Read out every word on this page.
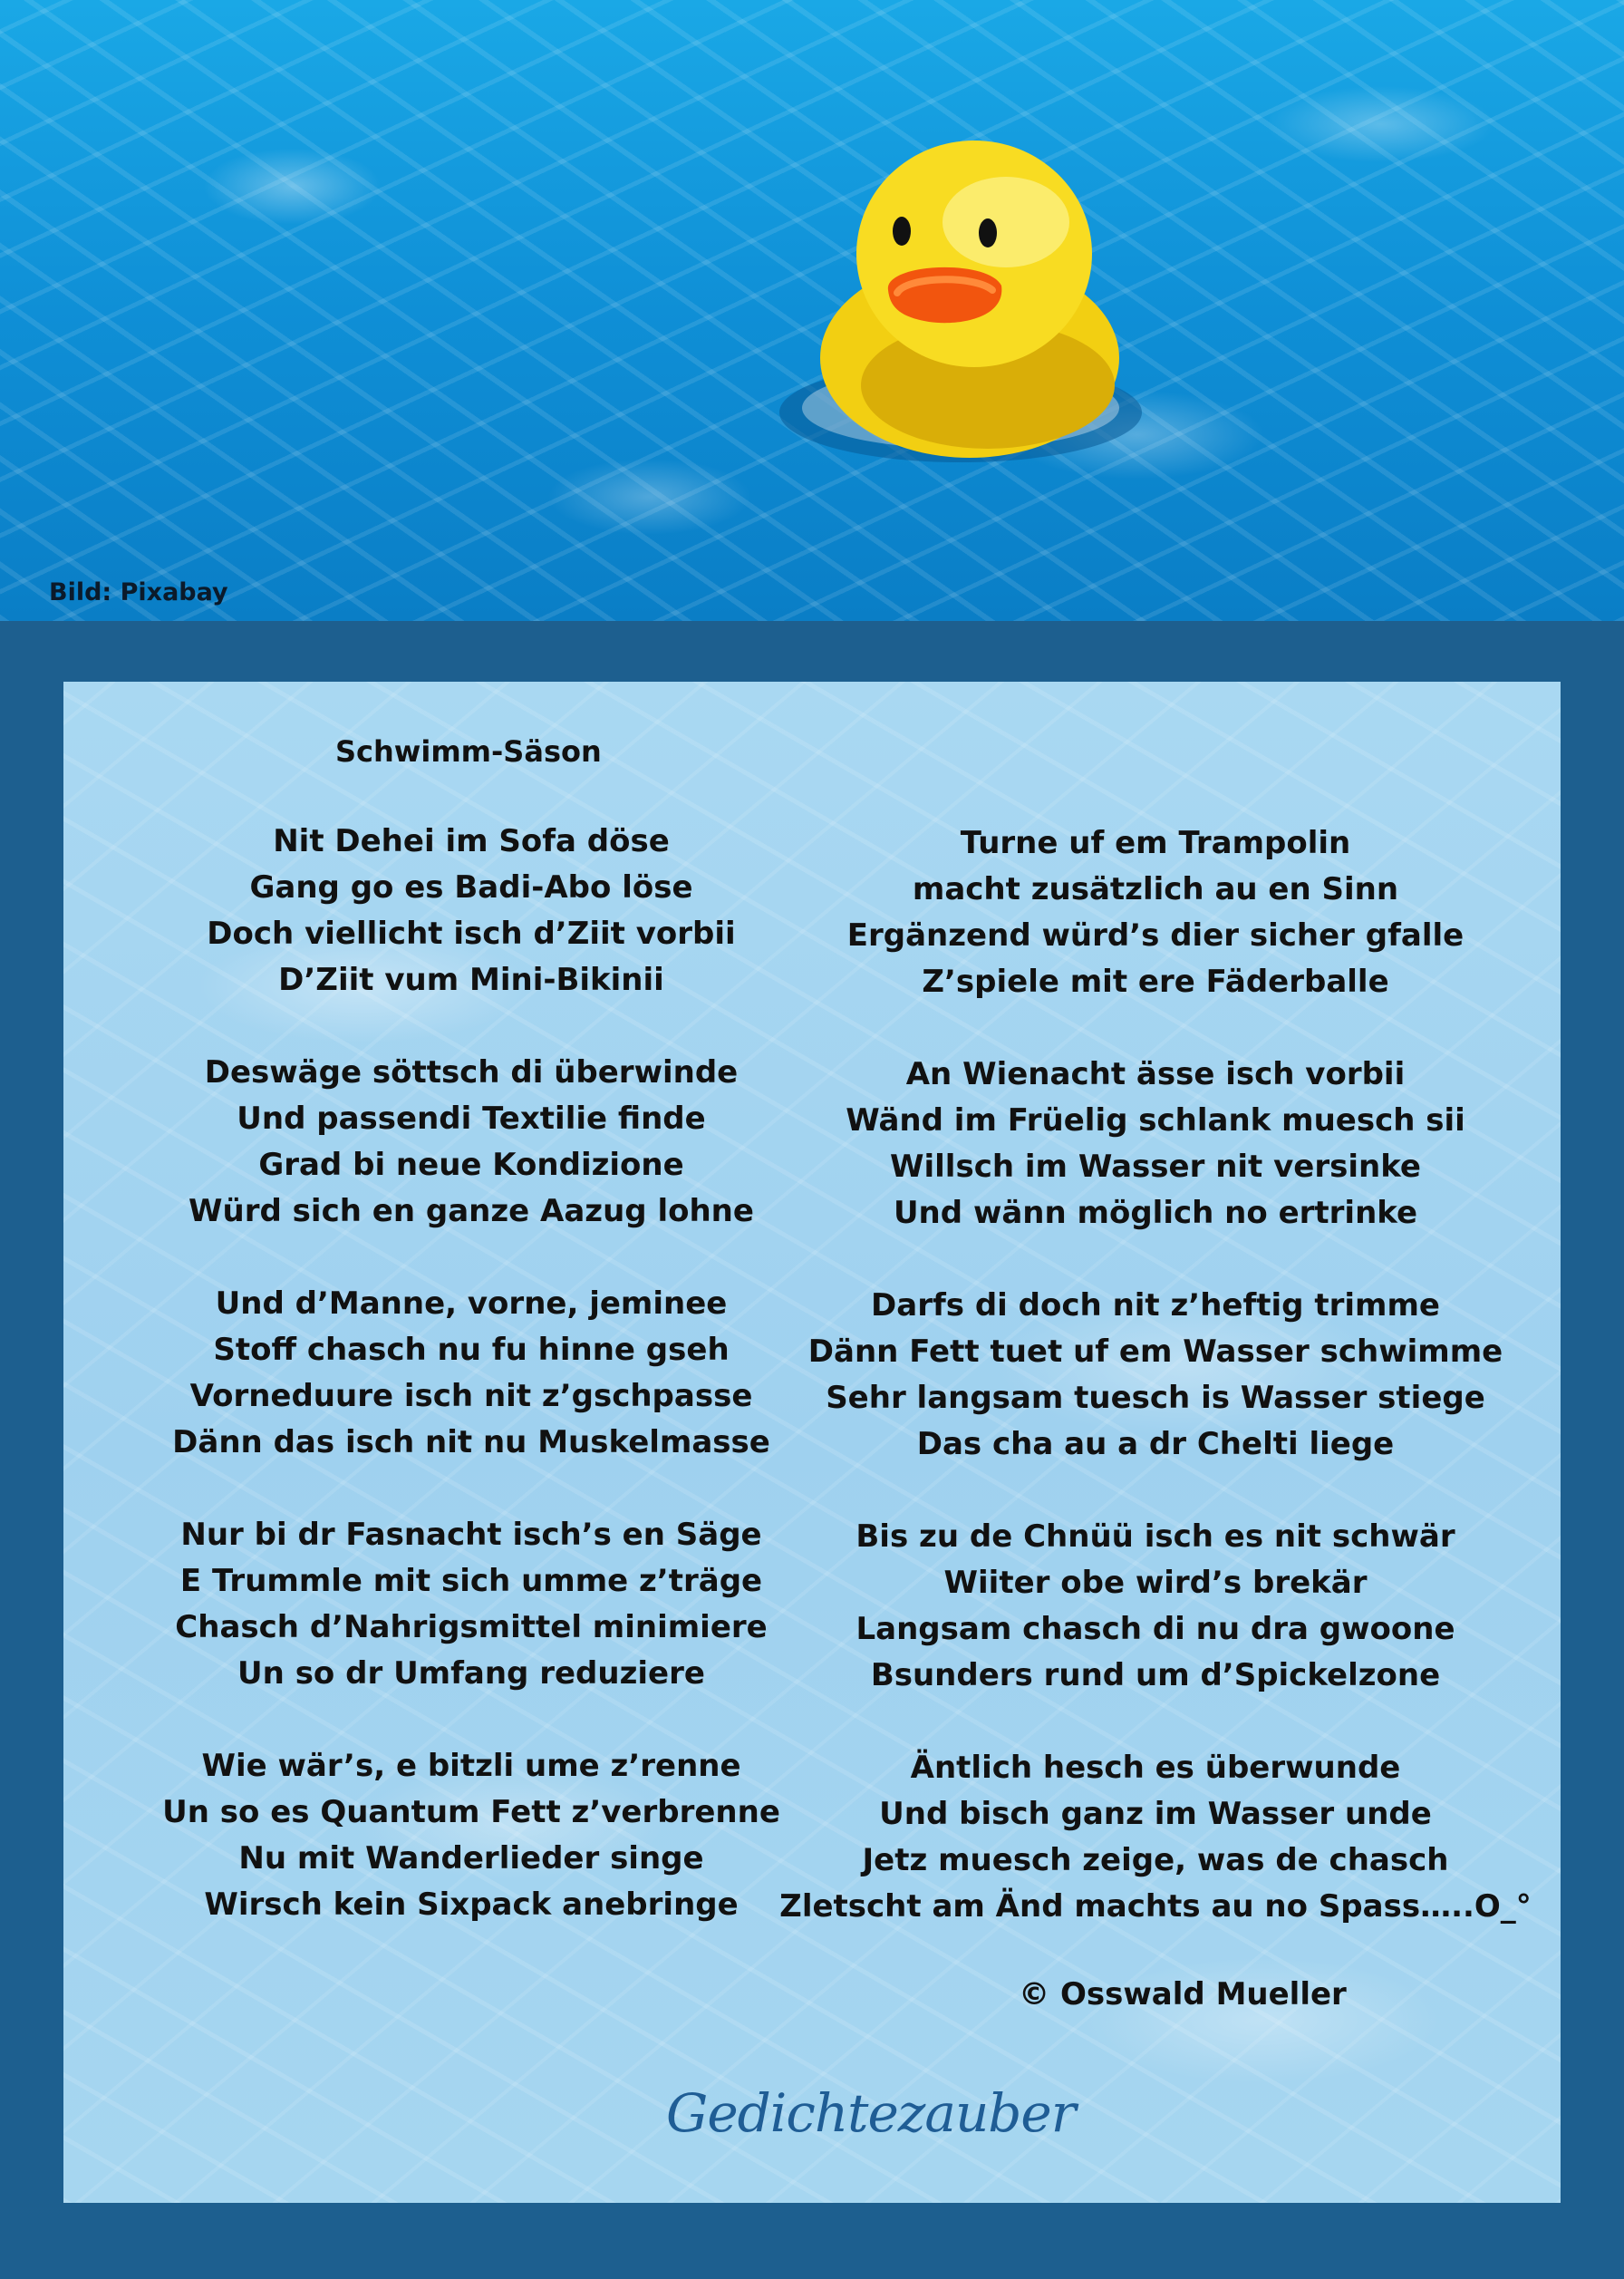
Bild: Pixabay
Schwimm-Säson
Nit Dehei im Sofa döse
Gang go es Badi-Abo löse
Doch viellicht isch d’Ziit vorbii
D’Ziit vum Mini-Bikinii
Deswäge söttsch di überwinde
Und passendi Textilie finde
Grad bi neue Kondizione
Würd sich en ganze Aazug lohne
Und d’Manne, vorne, jeminee
Stoff chasch nu fu hinne gseh
Vorneduure isch nit z’gschpasse
Dänn das isch nit nu Muskelmasse
Nur bi dr Fasnacht isch’s en Säge
E Trummle mit sich umme z’träge
Chasch d’Nahrigsmittel minimiere
Un so dr Umfang reduziere
Wie wär’s, e bitzli ume z’renne
Un so es Quantum Fett z’verbrenne
Nu mit Wanderlieder singe
Wirsch kein Sixpack anebringe
Turne uf em Trampolin
macht zusätzlich au en Sinn
Ergänzend würd’s dier sicher gfalle
Z’spiele mit ere Fäderballe
An Wienacht ässe isch vorbii
Wänd im Früelig schlank muesch sii
Willsch im Wasser nit versinke
Und wänn möglich no ertrinke
Darfs di doch nit z’heftig trimme
Dänn Fett tuet uf em Wasser schwimme
Sehr langsam tuesch is Wasser stiege
Das cha au a dr Chelti liege
Bis zu de Chnüü isch es nit schwär
Wiiter obe wird’s brekär
Langsam chasch di nu dra gwoone
Bsunders rund um d’Spickelzone
Äntlich hesch es überwunde
Und bisch ganz im Wasser unde
Jetz muesch zeige, was de chasch
Zletscht am Änd machts au no Spass…..O_°
© Osswald Mueller
Gedichtezauber
